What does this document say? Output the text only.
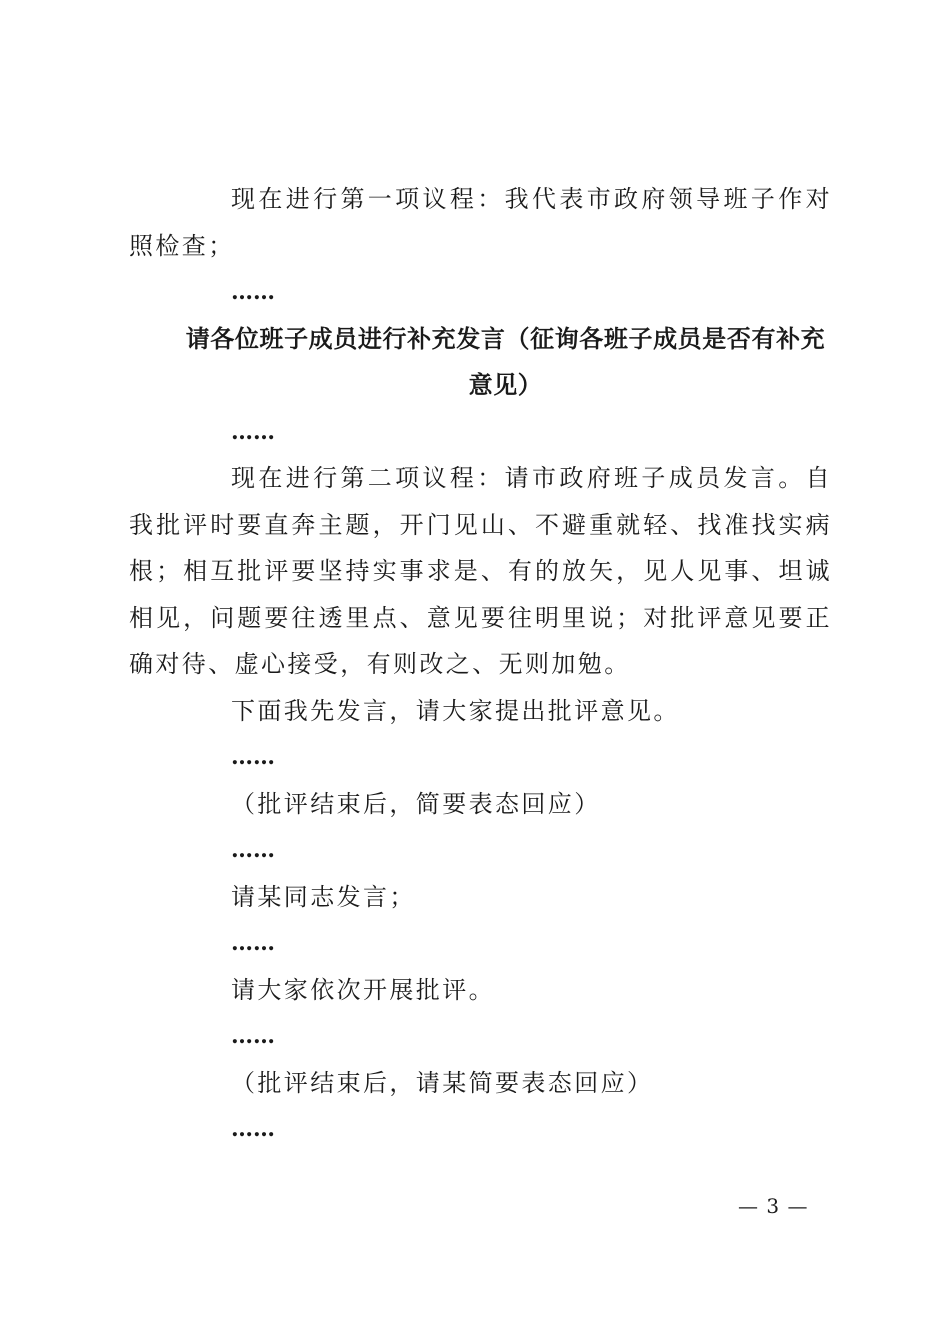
现在进行第一项议程：我代表市政府领导班子作对照检查；

……

请各位班子成员进行补充发言（征询各班子成员是否有补充意见）

……

现在进行第二项议程：请市政府班子成员发言。自我批评时要直奔主题，开门见山、不避重就轻、找准找实病根；相互批评要坚持实事求是、有的放矢，见人见事、坦诚相见，问题要往透里点、意见要往明里说；对批评意见要正确对待、虚心接受，有则改之、无则加勉。

下面我先发言，请大家提出批评意见。

……

（批评结束后，简要表态回应）

……

请某同志发言；

……

请大家依次开展批评。

……

（批评结束后，请某简要表态回应）

……

— 3 —
